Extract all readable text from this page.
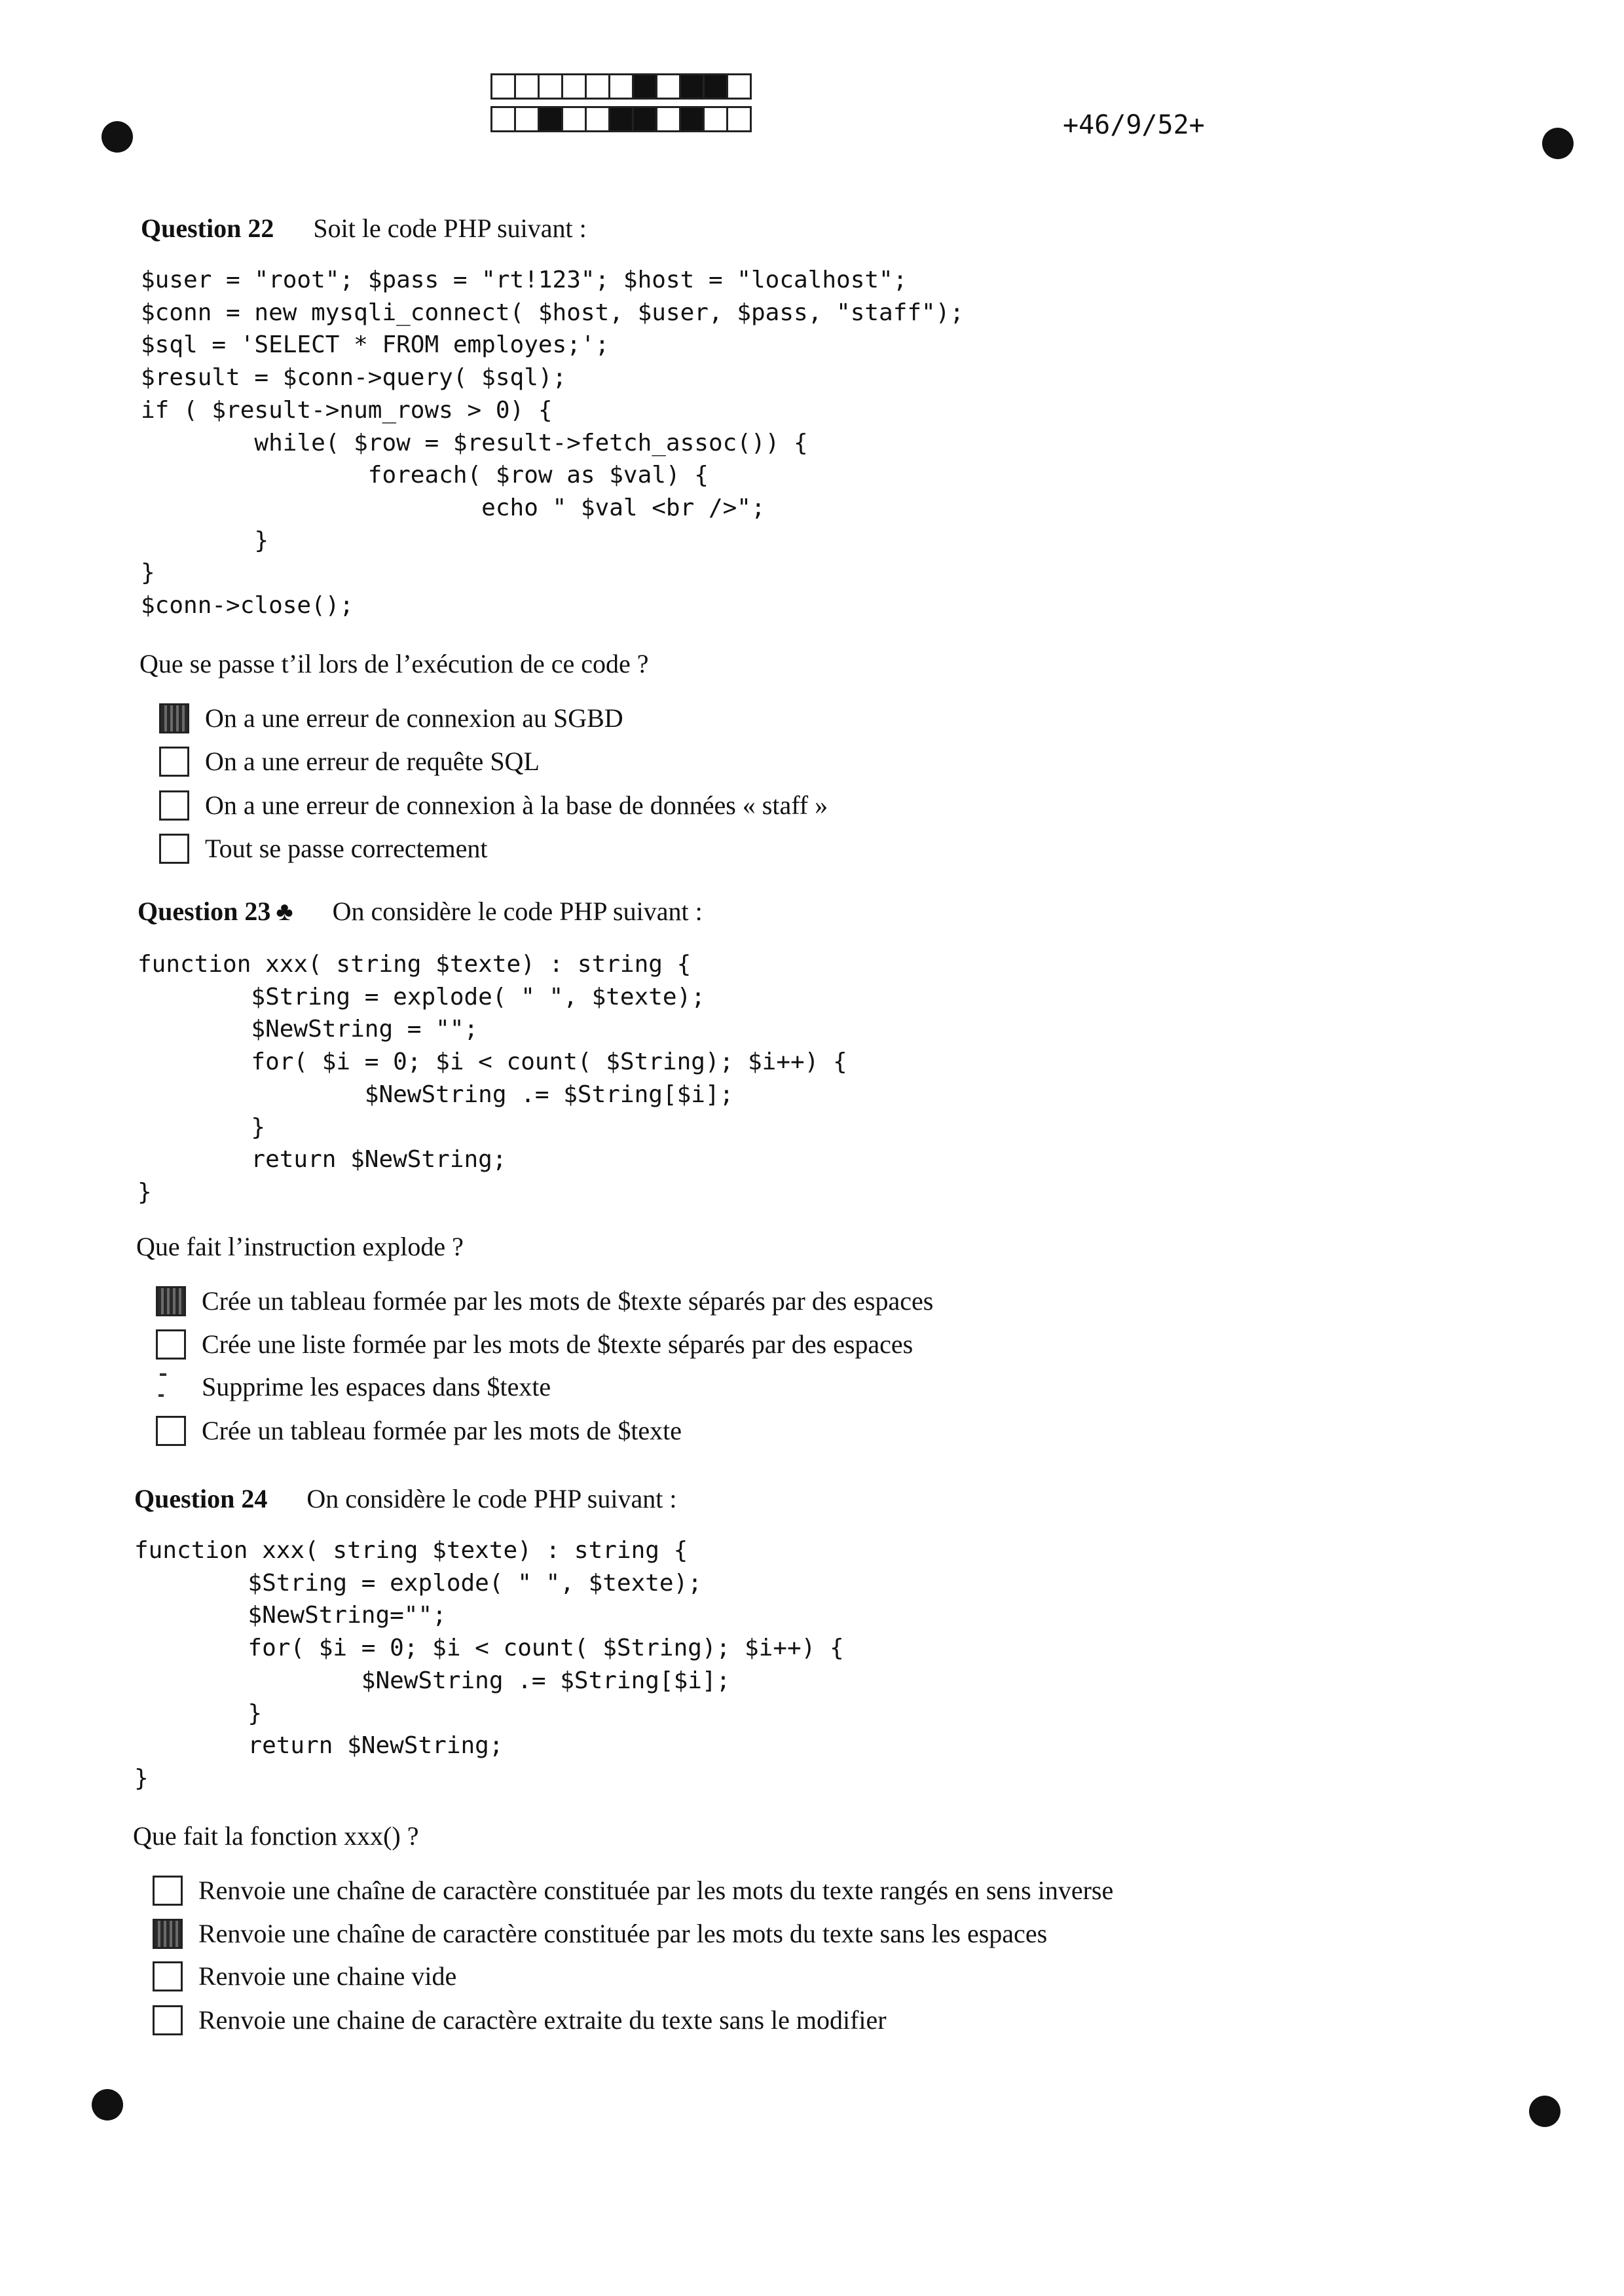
+46/9/52+
Question 22 Soit le code PHP suivant :
$user = "root"; $pass = "rt!123"; $host = "localhost";
$conn = new mysqli_connect( $host, $user, $pass, "staff");
$sql = 'SELECT * FROM employes;';
$result = $conn->query( $sql);
if ( $result->num_rows > 0) {
while( $row = $result->fetch_assoc()) {
foreach( $row as $val) {
echo " $val <br />";
}
}
$conn->close();
Que se passe t’il lors de l’exécution de ce code ?
On a une erreur de connexion au SGBD
On a une erreur de requête SQL
On a une erreur de connexion à la base de données « staff »
Tout se passe correctement
Question 23 ♣ On considère le code PHP suivant :
function xxx( string $texte) : string {
$String = explode( " ", $texte);
$NewString = "";
for( $i = 0; $i < count( $String); $i++) {
$NewString .= $String[$i];
}
return $NewString;
}
Que fait l’instruction explode ?
Crée un tableau formée par les mots de $texte séparés par des espaces
Crée une liste formée par les mots de $texte séparés par des espaces
Supprime les espaces dans $texte
Crée un tableau formée par les mots de $texte
Question 24 On considère le code PHP suivant :
function xxx( string $texte) : string {
$String = explode( " ", $texte);
$NewString="";
for( $i = 0; $i < count( $String); $i++) {
$NewString .= $String[$i];
}
return $NewString;
}
Que fait la fonction xxx() ?
Renvoie une chaîne de caractère constituée par les mots du texte rangés en sens inverse
Renvoie une chaîne de caractère constituée par les mots du texte sans les espaces
Renvoie une chaine vide
Renvoie une chaine de caractère extraite du texte sans le modifier
